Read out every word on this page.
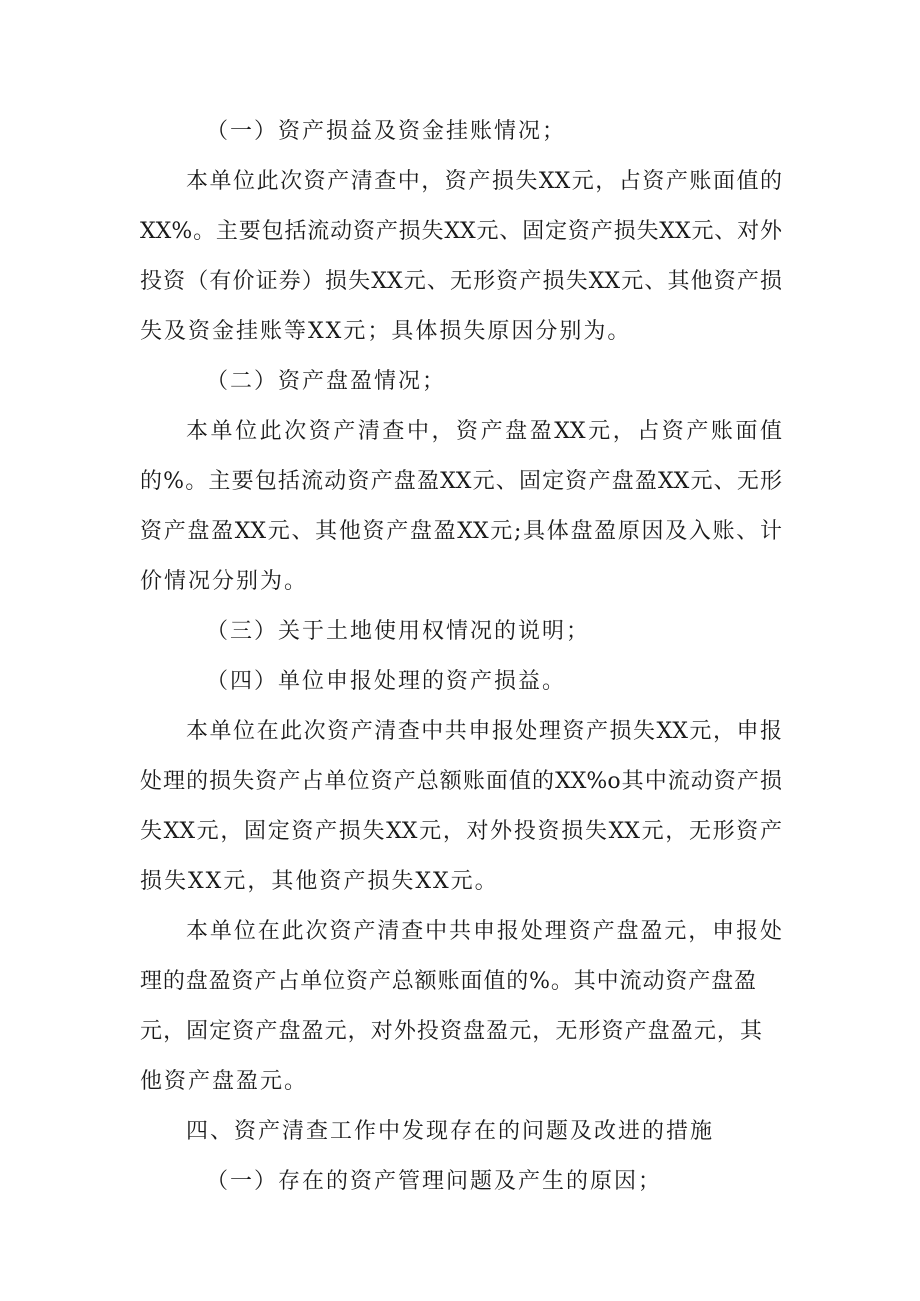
（一）资产损益及资金挂账情况；
本单位此次资产清查中，资产损失XX元，占资产账面值的
XX%。主要包括流动资产损失XX元、固定资产损失XX元、对外
投资（有价证券）损失XX元、无形资产损失XX元、其他资产损
失及资金挂账等XX元；具体损失原因分别为。
（二）资产盘盈情况；
本单位此次资产清查中，资产盘盈XX元，占资产账面值
的%。主要包括流动资产盘盈XX元、固定资产盘盈XX元、无形
资产盘盈XX元、其他资产盘盈XX元;具体盘盈原因及入账、计
价情况分别为。
（三）关于土地使用权情况的说明；
（四）单位申报处理的资产损益。
本单位在此次资产清查中共申报处理资产损失XX元，申报
处理的损失资产占单位资产总额账面值的XX%o其中流动资产损
失XX元，固定资产损失XX元，对外投资损失XX元，无形资产
损失XX元，其他资产损失XX元。
本单位在此次资产清查中共申报处理资产盘盈元，申报处
理的盘盈资产占单位资产总额账面值的%。其中流动资产盘盈
元，固定资产盘盈元，对外投资盘盈元，无形资产盘盈元，其
他资产盘盈元。
四、资产清查工作中发现存在的问题及改进的措施
（一）存在的资产管理问题及产生的原因；
